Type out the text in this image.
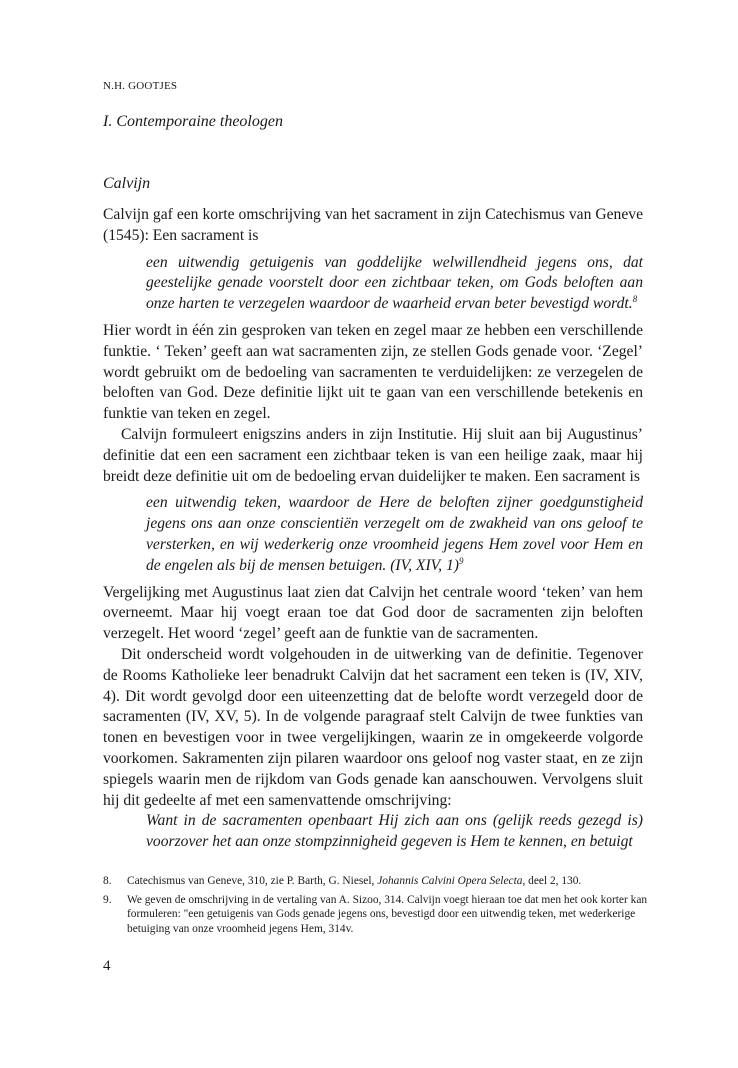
N.H. GOOTJES
I. Contemporaine theologen
Calvijn

Calvijn gaf een korte omschrijving van het sacrament in zijn Catechismus van Geneve (1545): Een sacrament is

een uitwendig getuigenis van goddelijke welwillendheid jegens ons, dat geestelijke genade voorstelt door een zichtbaar teken, om Gods beloften aan onze harten te verzegelen waardoor de waarheid ervan beter bevestigd wordt.$^8$

Hier wordt in één zin gesproken van teken en zegel maar ze hebben een verschillende funktie. ‘ Teken’ geeft aan wat sacramenten zijn, ze stellen Gods genade voor. ‘Zegel’ wordt gebruikt om de bedoeling van sacramenten te verduidelijken: ze verzegelen de beloften van God. Deze definitie lijkt uit te gaan van een verschillende betekenis en funktie van teken en zegel.

Calvijn formuleert enigszins anders in zijn Institutie. Hij sluit aan bij Augustinus’ definitie dat een een sacrament een zichtbaar teken is van een heilige zaak, maar hij breidt deze definitie uit om de bedoeling ervan duidelijker te maken. Een sacrament is

een uitwendig teken, waardoor de Here de beloften zijner goedgunstigheid jegens ons aan onze conscientiën verzegelt om de zwakheid van ons geloof te versterken, en wij wederkerig onze vroomheid jegens Hem zovel voor Hem en de engelen als bij de mensen betuigen. (IV, XIV, 1)$^9$

Vergelijking met Augustinus laat zien dat Calvijn het centrale woord ‘teken’ van hem overneemt. Maar hij voegt eraan toe dat God door de sacramenten zijn beloften verzegelt. Het woord ‘zegel’ geeft aan de funktie van de sacramenten.

Dit onderscheid wordt volgehouden in de uitwerking van de definitie. Tegenover de Rooms Katholieke leer benadrukt Calvijn dat het sacrament een teken is (IV, XIV, 4). Dit wordt gevolgd door een uiteenzetting dat de belofte wordt verzegeld door de sacramenten (IV, XV, 5). In de volgende paragraaf stelt Calvijn de twee funkties van tonen en bevestigen voor in twee vergelijkingen, waarin ze in omgekeerde volgorde voorkomen. Sakramenten zijn pilaren waardoor ons geloof nog vaster staat, en ze zijn spiegels waarin men de rijkdom van Gods genade kan aanschouwen. Vervolgens sluit hij dit gedeelte af met een samenvattende omschrijving:

Want in de sacramenten openbaart Hij zich aan ons (gelijk reeds gezegd is) voorzover het aan onze stompzinnigheid gegeven is Hem te kennen, en betuigt

8.	Catechismus van Geneve, 310, zie P. Barth, G. Niesel, Johannis Calvini Opera Selecta, deel 2, 130.
9.	We geven de omschrijving in de vertaling van A. Sizoo, 314. Calvijn voegt hieraan toe dat men het ook korter kan formuleren: "een getuigenis van Gods genade jegens ons, bevestigd door een uitwendig teken, met wederkerige betuiging van onze vroomheid jegens Hem, 314v.
4
